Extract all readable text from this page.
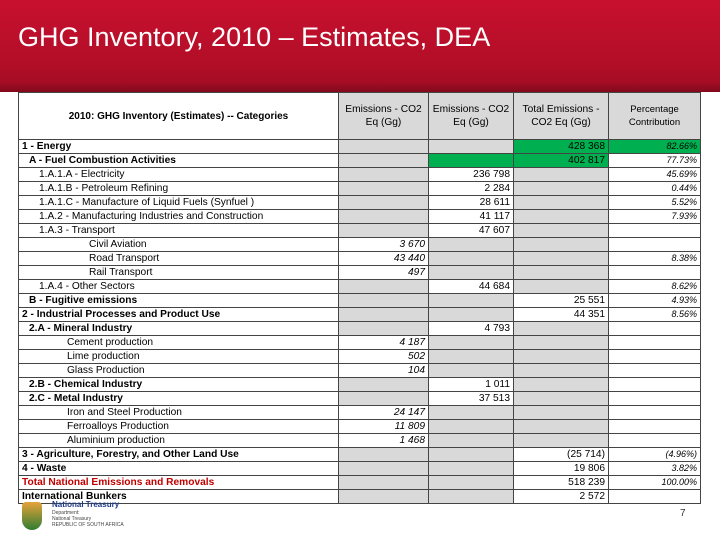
GHG Inventory, 2010 – Estimates, DEA
2010: GHG Inventory (Estimates) -- Categories	Emissions - CO2 Eq (Gg)	Emissions - CO2 Eq (Gg)	Total Emissions - CO2 Eq (Gg)	Percentage Contribution
1 - Energy			428 368	82.66%
A - Fuel Combustion Activities			402 817	77.73%
1.A.1.A - Electricity		236 798		45.69%
1.A.1.B - Petroleum Refining		2 284		0.44%
1.A.1.C - Manufacture of Liquid Fuels (Synfuel )		28 611		5.52%
1.A.2 - Manufacturing Industries and Construction		41 117		7.93%
1.A.3 - Transport		47 607		
Civil Aviation	3 670			
Road Transport	43 440			8.38%
Rail Transport	497			
1.A.4 - Other Sectors		44 684		8.62%
B - Fugitive emissions			25 551	4.93%
2 - Industrial Processes and Product Use			44 351	8.56%
2.A - Mineral Industry		4 793		
Cement production	4 187			
Lime production	502			
Glass Production	104			
2.B - Chemical Industry		1 011		
2.C - Metal Industry		37 513		
Iron and Steel Production	24 147			
Ferroalloys Production	11 809			
Aluminium production	1 468			
3 - Agriculture, Forestry, and Other Land Use			(25 714)	(4.96%)
4 - Waste			19 806	3.82%
Total National Emissions and Removals			518 239	100.00%
International Bunkers			2 572	
National Treasury
Department:
National Treasury
REPUBLIC OF SOUTH AFRICA
7
